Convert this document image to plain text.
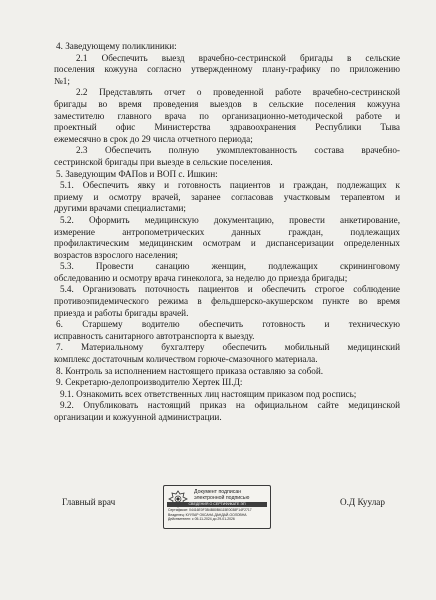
4. Заведующему поликлиники:
2.1 Обеспечить выезд врачебно-сестринской бригады в сельские
поселения кожууна согласно утвержденному плану-графику по приложению
№1;
2.2 Представлять отчет о проведенной работе врачебно-сестринской
бригады во время проведения выездов в сельские поселения кожууна
заместителю главного врача по организационно-методической работе и
проектный офис Министерства здравоохранения Республики Тыва
ежемесячно в срок до 29 числа отчетного периода;
2.3 Обеспечить полную укомплектованность состава врачебно-
сестринской бригады при выезде в сельские поселения.
5. Заведующим ФАПов и ВОП с. Ишкин:
5.1. Обеспечить явку и готовность пациентов и граждан, подлежащих к
приему и осмотру врачей, заранее согласовав участковым терапевтом и
другими врачами специалистами;
5.2. Оформить медицинскую документацию, провести анкетирование,
измерение антропометрических данных граждан, подлежащих
профилактическим медицинским осмотрам и диспансеризации определенных
возрастов взрослого населения;
5.3. Провести санацию женщин, подлежащих скрининговому
обследованию и осмотру врача гинеколога, за неделю до приезда бригады;
5.4. Организовать поточность пациентов и обеспечить строгое соблюдение
противоэпидемического режима в фельдшерско-акушерском пункте во время
приезда и работы бригады врачей.
6. Старшему водителю обеспечить готовность и техническую
исправность санитарного автотранспорта к выезду.
7. Материальному бухгалтеру обеспечить мобильный медицинский
комплекс достаточным количеством горюче-смазочного материала.
8. Контроль за исполнением настоящего приказа оставляю за собой.
9. Секретарю-делопроизводителю Хертек Ш.Д:
9.1. Ознакомить всех ответственных лиц настоящим приказом под роспись;
9.2. Опубликовать настоящий приказ на официальном сайте медицинской
организации и кожуунной администрации.
Главный врач
Документ подписан
электронной подписью
СВЕДЕНИЯ О СЕРТИФИКАТЕ ЭП
Сертификат: 04416E0F3B4B80B6115E0038F14F2717
Владелец: КУУЛАР ОКСАНА ДАНДАЙ-ООЛОВНА
Действителен: с 05-11-2024 до 29-01-2026
О.Д Куулар
